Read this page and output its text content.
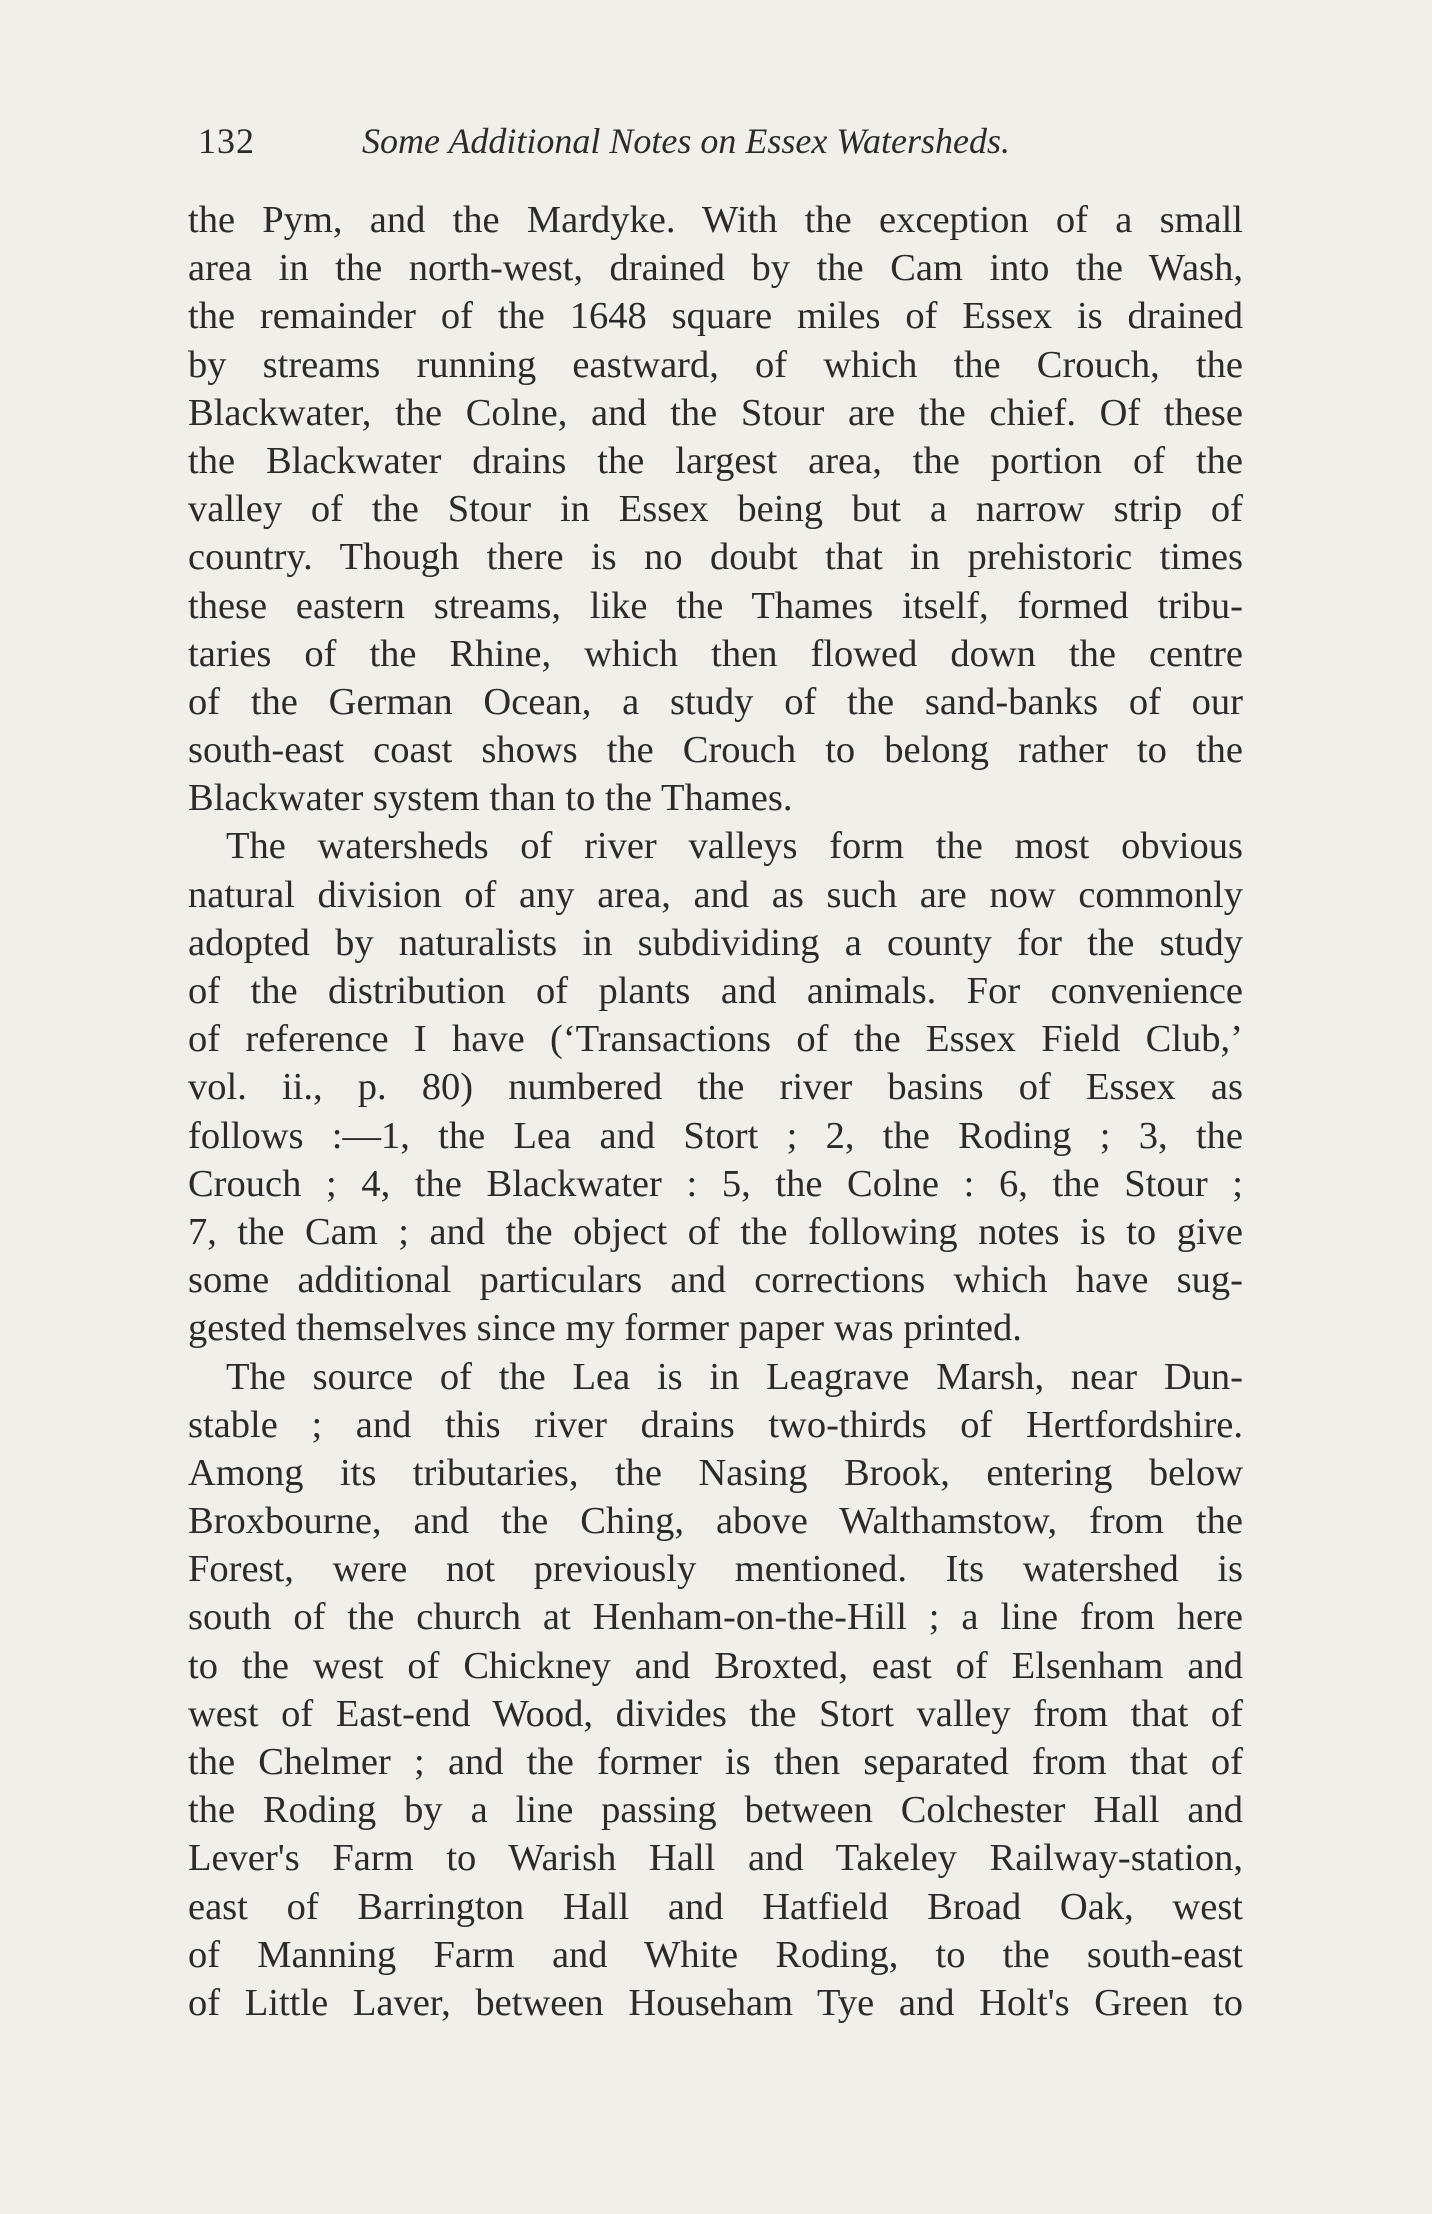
132	Some Additional Notes on Essex Watersheds.
the Pym, and the Mardyke. With the exception of a small
area in the north-west, drained by the Cam into the Wash,
the remainder of the 1648 square miles of Essex is drained
by streams running eastward, of which the Crouch, the
Blackwater, the Colne, and the Stour are the chief. Of these
the Blackwater drains the largest area, the portion of the
valley of the Stour in Essex being but a narrow strip of
country. Though there is no doubt that in prehistoric times
these eastern streams, like the Thames itself, formed tribu-
taries of the Rhine, which then flowed down the centre
of the German Ocean, a study of the sand-banks of our
south-east coast shows the Crouch to belong rather to the
Blackwater system than to the Thames.
The watersheds of river valleys form the most obvious
natural division of any area, and as such are now commonly
adopted by naturalists in subdividing a county for the study
of the distribution of plants and animals. For convenience
of reference I have (‘Transactions of the Essex Field Club,’
vol. ii., p. 80) numbered the river basins of Essex as
follows :—1, the Lea and Stort ; 2, the Roding ; 3, the
Crouch ; 4, the Blackwater : 5, the Colne : 6, the Stour ;
7, the Cam ; and the object of the following notes is to give
some additional particulars and corrections which have sug-
gested themselves since my former paper was printed.
The source of the Lea is in Leagrave Marsh, near Dun-
stable ; and this river drains two-thirds of Hertfordshire.
Among its tributaries, the Nasing Brook, entering below
Broxbourne, and the Ching, above Walthamstow, from the
Forest, were not previously mentioned. Its watershed is
south of the church at Henham-on-the-Hill ; a line from here
to the west of Chickney and Broxted, east of Elsenham and
west of East-end Wood, divides the Stort valley from that of
the Chelmer ; and the former is then separated from that of
the Roding by a line passing between Colchester Hall and
Lever's Farm to Warish Hall and Takeley Railway-station,
east of Barrington Hall and Hatfield Broad Oak, west
of Manning Farm and White Roding, to the south-east
of Little Laver, between Househam Tye and Holt's Green to
